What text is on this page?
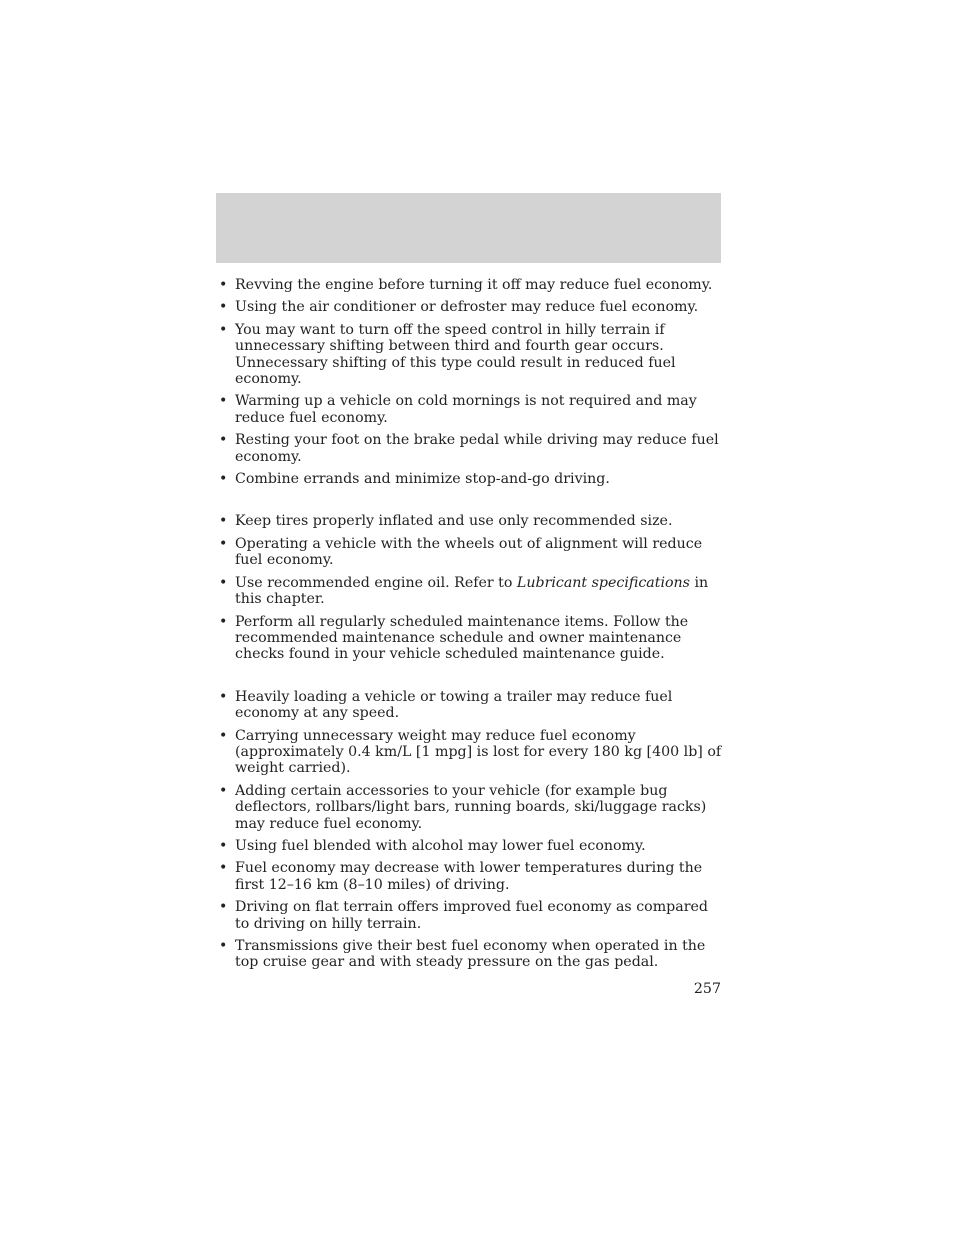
• Revving the engine before turning it off may reduce fuel economy.
• Using the air conditioner or defroster may reduce fuel economy.
• You may want to turn off the speed control in hilly terrain if unnecessary shifting between third and fourth gear occurs. Unnecessary shifting of this type could result in reduced fuel economy.
• Warming up a vehicle on cold mornings is not required and may reduce fuel economy.
• Resting your foot on the brake pedal while driving may reduce fuel economy.
• Combine errands and minimize stop-and-go driving.
• Keep tires properly inflated and use only recommended size.
• Operating a vehicle with the wheels out of alignment will reduce fuel economy.
• Use recommended engine oil. Refer to Lubricant specifications in this chapter.
• Perform all regularly scheduled maintenance items. Follow the recommended maintenance schedule and owner maintenance checks found in your vehicle scheduled maintenance guide.
• Heavily loading a vehicle or towing a trailer may reduce fuel economy at any speed.
• Carrying unnecessary weight may reduce fuel economy (approximately 0.4 km/L [1 mpg] is lost for every 180 kg [400 lb] of weight carried).
• Adding certain accessories to your vehicle (for example bug deflectors, rollbars/light bars, running boards, ski/luggage racks) may reduce fuel economy.
• Using fuel blended with alcohol may lower fuel economy.
• Fuel economy may decrease with lower temperatures during the first 12–16 km (8–10 miles) of driving.
• Driving on flat terrain offers improved fuel economy as compared to driving on hilly terrain.
• Transmissions give their best fuel economy when operated in the top cruise gear and with steady pressure on the gas pedal.
257
